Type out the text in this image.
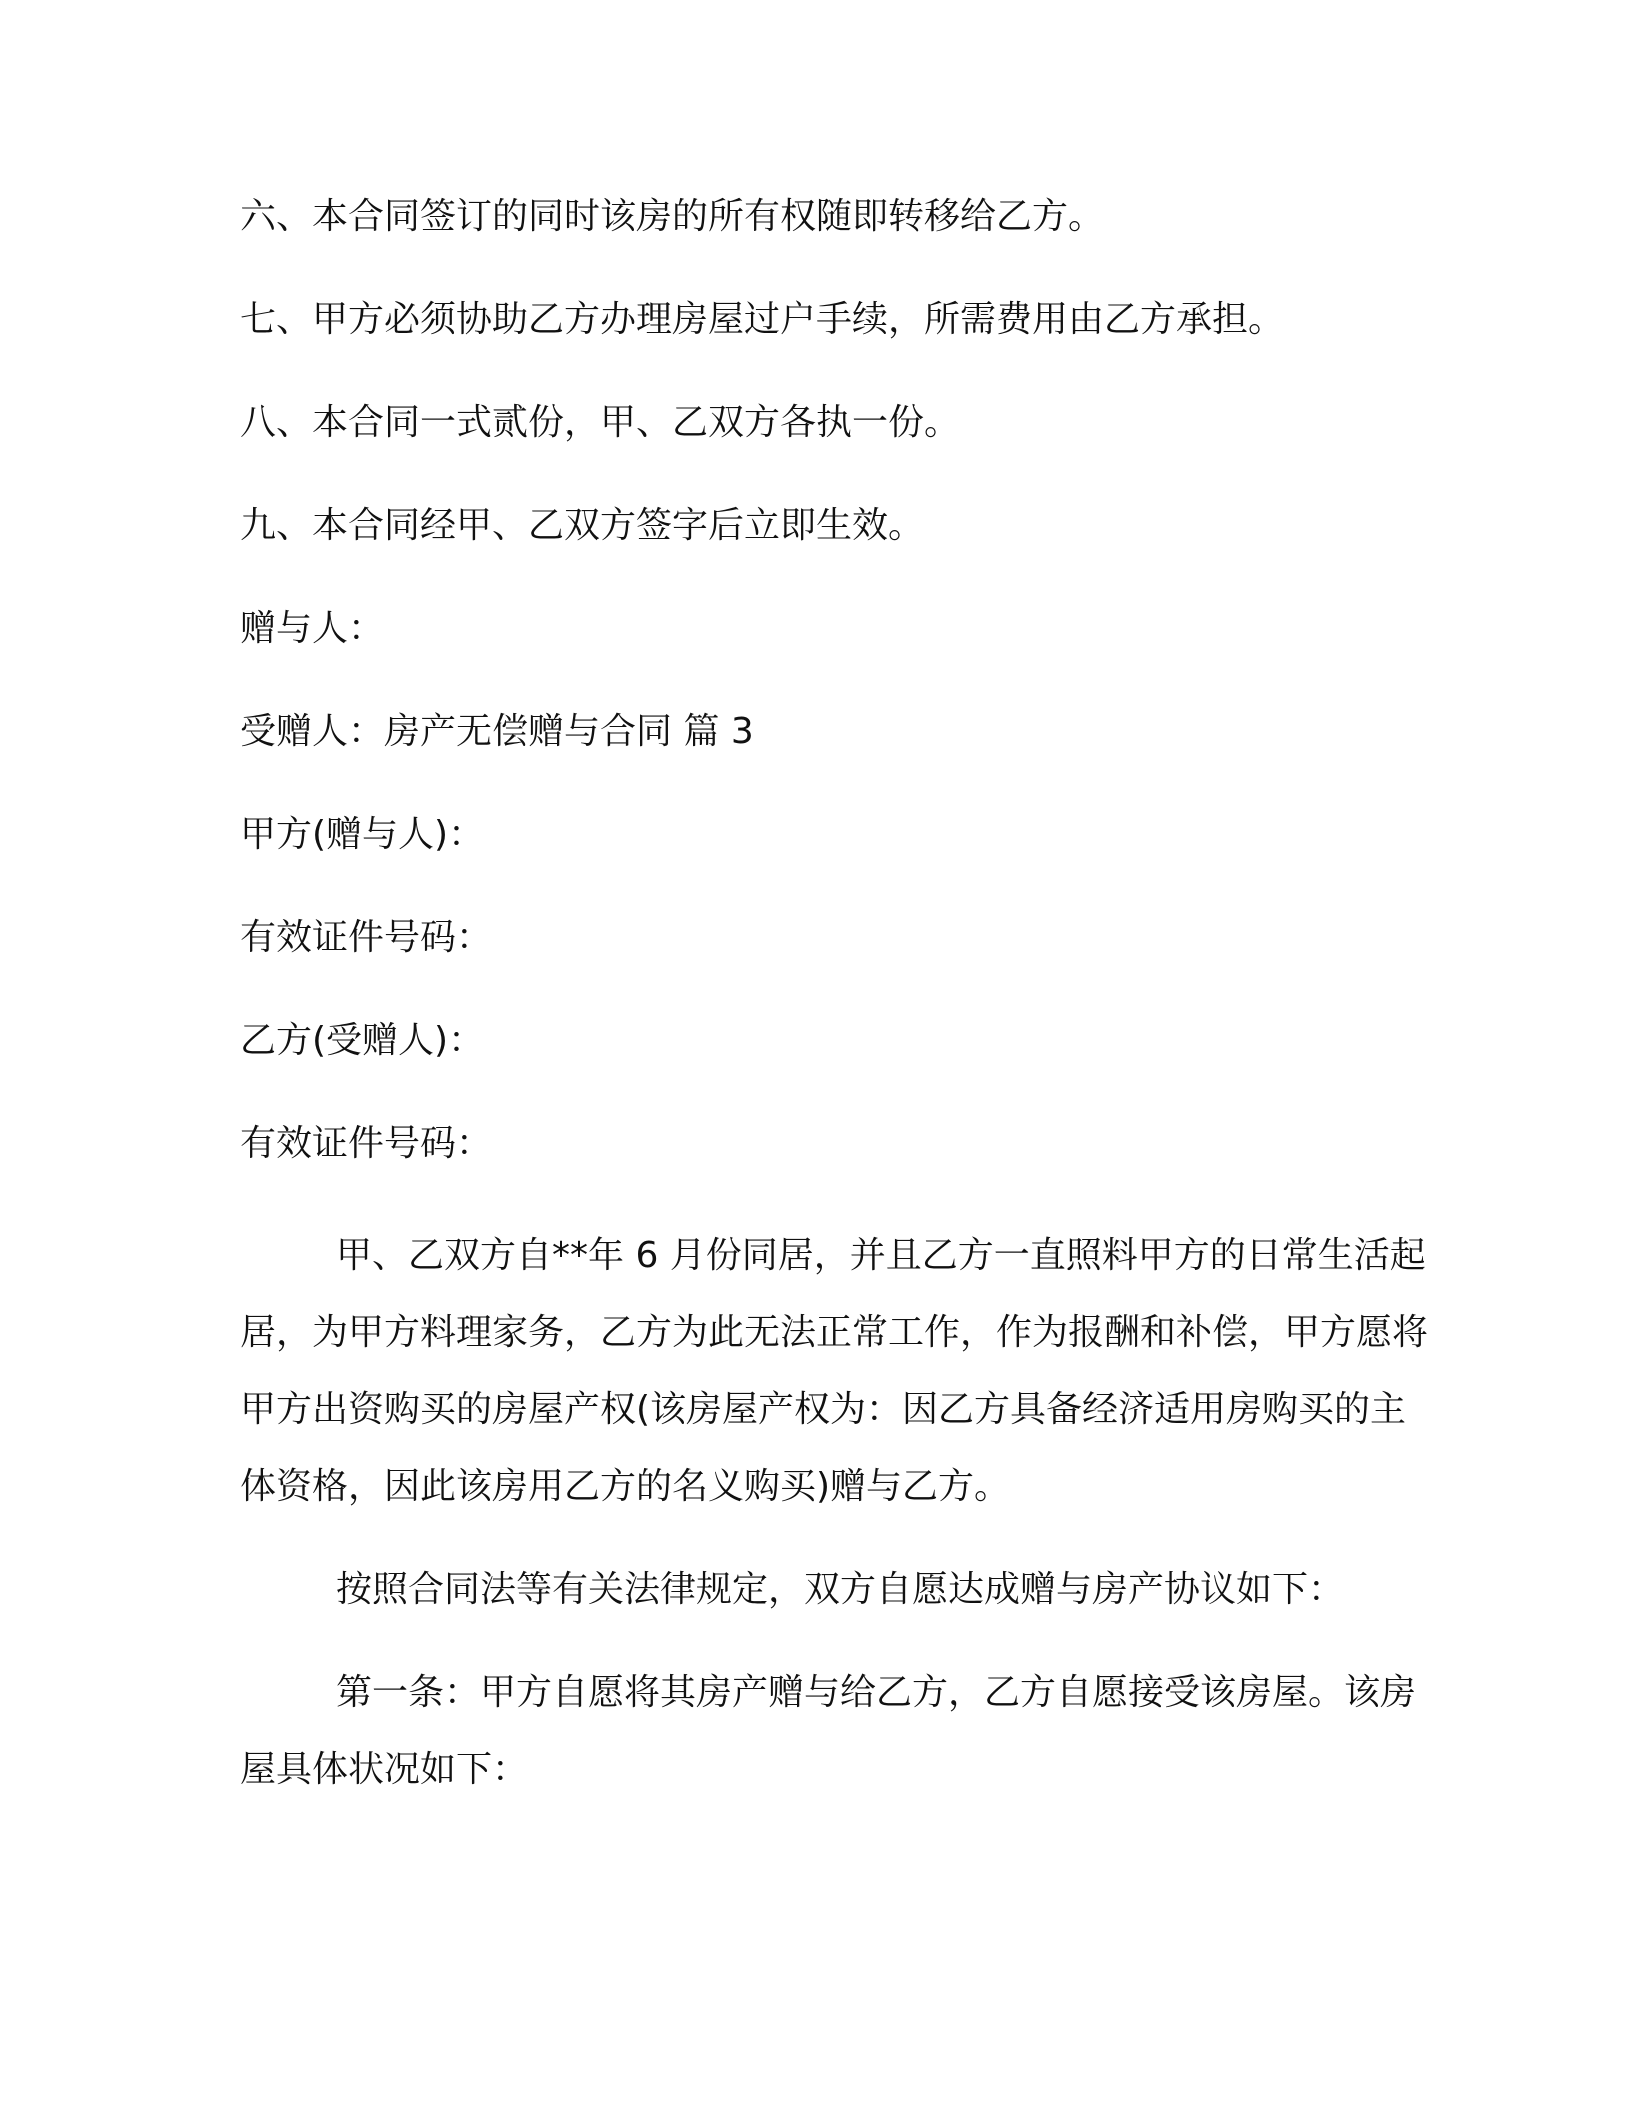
六、本合同签订的同时该房的所有权随即转移给乙方。
七、甲方必须协助乙方办理房屋过户手续，所需费用由乙方承担。
八、本合同一式贰份，甲、乙双方各执一份。
九、本合同经甲、乙双方签字后立即生效。
赠与人：
受赠人：房产无偿赠与合同 篇 3
甲方(赠与人)：
有效证件号码：
乙方(受赠人)：
有效证件号码：
甲、乙双方自**年 6 月份同居，并且乙方一直照料甲方的日常生活起居，为甲方料理家务，乙方为此无法正常工作，作为报酬和补偿，甲方愿将甲方出资购买的房屋产权(该房屋产权为：因乙方具备经济适用房购买的主体资格，因此该房用乙方的名义购买)赠与乙方。
按照合同法等有关法律规定，双方自愿达成赠与房产协议如下：
第一条：甲方自愿将其房产赠与给乙方，乙方自愿接受该房屋。该房屋具体状况如下：
